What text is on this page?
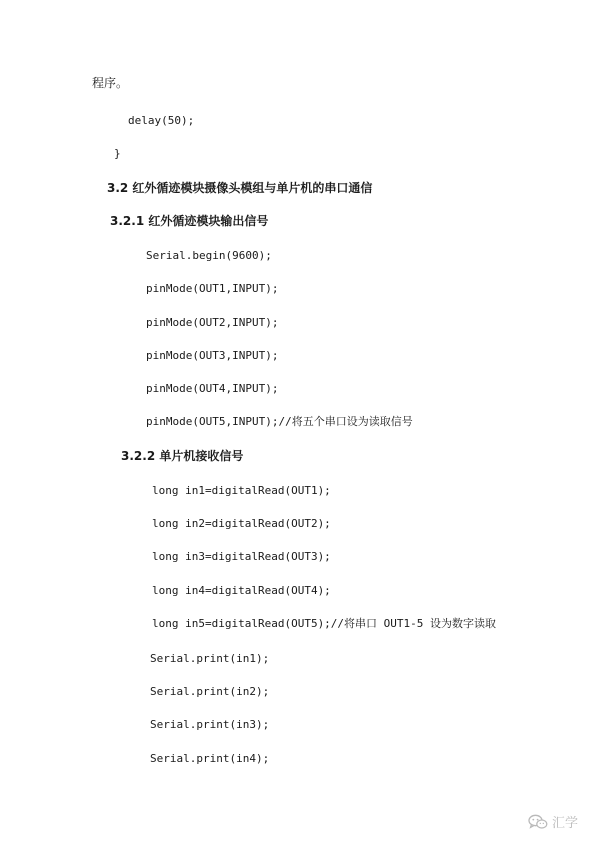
程序。
delay(50);
}
3.2 红外循迹模块摄像头模组与单片机的串口通信
3.2.1 红外循迹模块输出信号
Serial.begin(9600);
pinMode(OUT1,INPUT);
pinMode(OUT2,INPUT);
pinMode(OUT3,INPUT);
pinMode(OUT4,INPUT);
pinMode(OUT5,INPUT);//将五个串口设为读取信号
3.2.2 单片机接收信号
long in1=digitalRead(OUT1);
long in2=digitalRead(OUT2);
long in3=digitalRead(OUT3);
long in4=digitalRead(OUT4);
long in5=digitalRead(OUT5);//将串口 OUT1-5 设为数字读取
Serial.print(in1);
Serial.print(in2);
Serial.print(in3);
Serial.print(in4);
汇学
